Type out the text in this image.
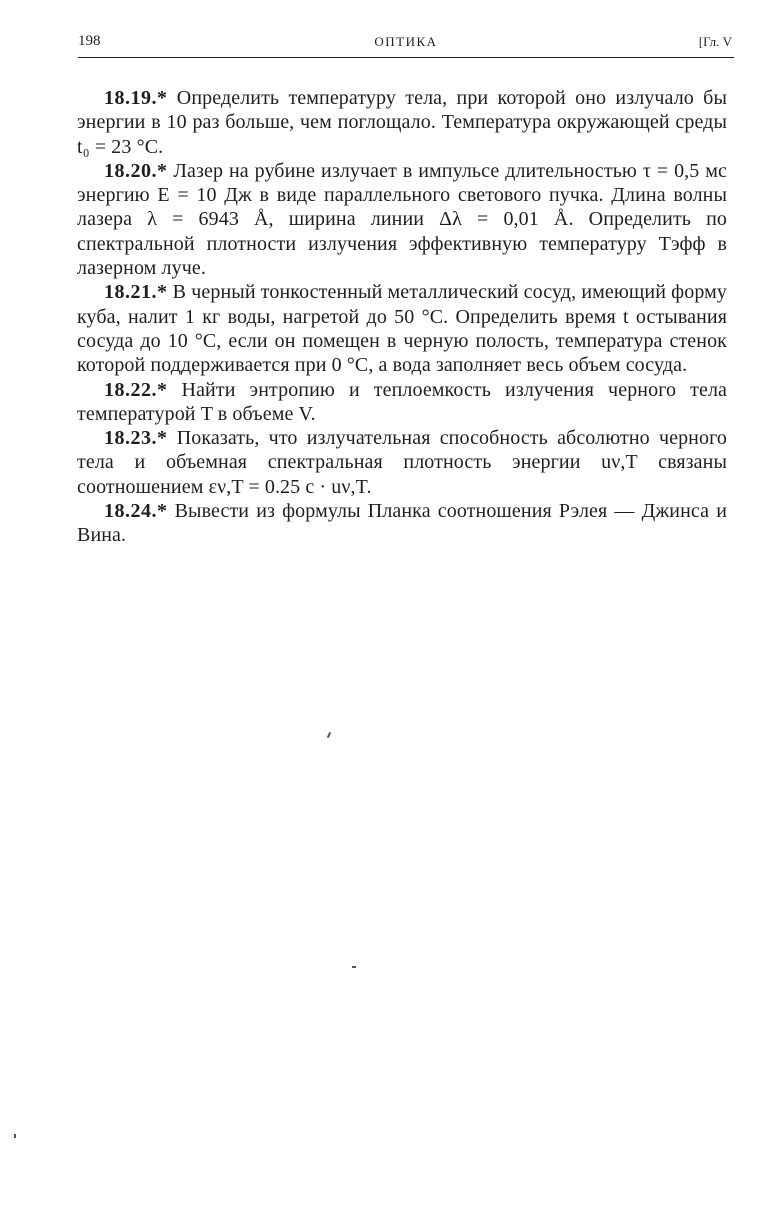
198	ОПТИКА	[Гл. V

18.19.* Определить температуру тела, при которой оно излучало бы энергии в 10 раз больше, чем поглощало. Температура окружающей среды t₀ = 23 °C.

18.20.* Лазер на рубине излучает в импульсе длительностью τ = 0,5 мс энергию E = 10 Дж в виде параллельного светового пучка. Длина волны лазера λ = 6943 Å, ширина линии Δλ = 0,01 Å. Определить по спектральной плотности излучения эффективную температуру Tэфф в лазерном луче.

18.21.* В черный тонкостенный металлический сосуд, имеющий форму куба, налит 1 кг воды, нагретой до 50 °C. Определить время t остывания сосуда до 10 °C, если он помещен в черную полость, температура стенок которой поддерживается при 0 °C, а вода заполняет весь объем сосуда.

18.22.* Найти энтропию и теплоемкость излучения черного тела температурой T в объеме V.

18.23.* Показать, что излучательная способность абсолютно черного тела и объемная спектральная плотность энергии uν,T связаны соотношением εν,T = 0.25 c · uν,T.

18.24.* Вывести из формулы Планка соотношения Рэлея — Джинса и Вина.
